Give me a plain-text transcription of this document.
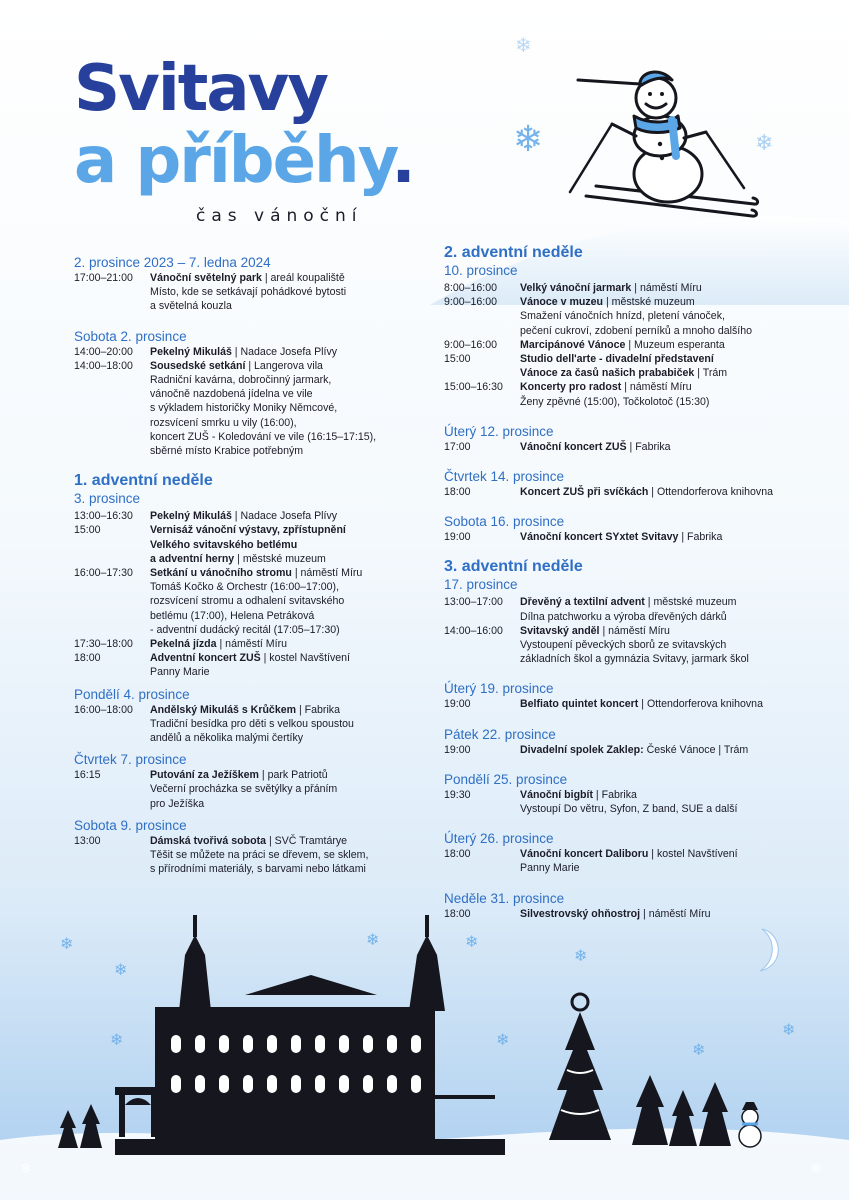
Svitavy
a příběhy.
čas vánoční
❄	❄
❄
❄
❄
❄	❄
❄
❄
❄
❄	❄
2. prosince 2023 – 7. ledna 2024
17:00–21:00	Vánoční světelný park | areál koupaliště
Místo, kde se setkávají pohádkové bytosti
a světelná kouzla
Sobota 2. prosince
14:00–20:00	Pekelný Mikuláš | Nadace Josefa Plívy
14:00–18:00	Sousedské setkání | Langerova vila
Radniční kavárna, dobročinný jarmark,
vánočně nazdobená jídelna ve vile
s výkladem historičky Moniky Němcové,
rozsvícení smrku u vily (16:00),
koncert ZUŠ - Koledování ve vile (16:15–17:15),
sběrné místo Krabice potřebným
1. adventní neděle
3. prosince
13:00–16:30	Pekelný Mikuláš | Nadace Josefa Plívy
15:00	Vernisáž vánoční výstavy, zpřístupnění
Velkého svitavského betlému
a adventní herny | městské muzeum
16:00–17:30	Setkání u vánočního stromu | náměstí Míru
Tomáš Kočko & Orchestr (16:00–17:00),
rozsvícení stromu a odhalení svitavského
betlému (17:00), Helena Petráková
- adventní dudácký recitál (17:05–17:30)
17:30–18:00	Pekelná jízda | náměstí Míru
18:00	Adventní koncert ZUŠ | kostel Navštívení
Panny Marie
Pondělí 4. prosince
16:00–18:00	Andělský Mikuláš s Krůčkem | Fabrika
Tradiční besídka pro děti s velkou spoustou
andělů a několika malými čertíky
Čtvrtek 7. prosince
16:15	Putování za Ježíškem | park Patriotů
Večerní procházka se světýlky a přáním
pro Ježíška
Sobota 9. prosince
13:00	Dámská tvořivá sobota | SVČ Tramtárye
Těšit se můžete na práci se dřevem, se sklem,
s přírodními materiály, s barvami nebo látkami
2. adventní neděle
10. prosince
8:00–16:00	Velký vánoční jarmark | náměstí Míru
9:00–16:00	Vánoce v muzeu | městské muzeum
Smažení vánočních hnízd, pletení vánoček,
pečení cukroví, zdobení perníků a mnoho dalšího
9:00–16:00	Marcipánové Vánoce | Muzeum esperanta
15:00	Studio dell'arte - divadelní představení
Vánoce za časů našich prababiček | Trám
15:00–16:30	Koncerty pro radost | náměstí Míru
Ženy zpěvné (15:00), Točkolotoč (15:30)
Úterý 12. prosince
17:00	Vánoční koncert ZUŠ | Fabrika
Čtvrtek 14. prosince
18:00	Koncert ZUŠ při svíčkách | Ottendorferova knihovna
Sobota 16. prosince
19:00	Vánoční koncert SYxtet Svitavy | Fabrika
3. adventní neděle
17. prosince
13:00–17:00	Dřevěný a textilní advent | městské muzeum
Dílna patchworku a výroba dřevěných dárků
14:00–16:00	Svitavský anděl | náměstí Míru
Vystoupení pěveckých sborů ze svitavských
základních škol a gymnázia Svitavy, jarmark škol
Úterý 19. prosince
19:00	Belfiato quintet koncert | Ottendorferova knihovna
Pátek 22. prosince
19:00	Divadelní spolek Zaklep: České Vánoce | Trám
Pondělí 25. prosince
19:30	Vánoční bigbít | Fabrika
Vystoupí Do větru, Syfon, Z band, SUE a další
Úterý 26. prosince
18:00	Vánoční koncert Daliboru | kostel Navštívení
Panny Marie
Neděle 31. prosince
18:00	Silvestrovský ohňostroj | náměstí Míru
